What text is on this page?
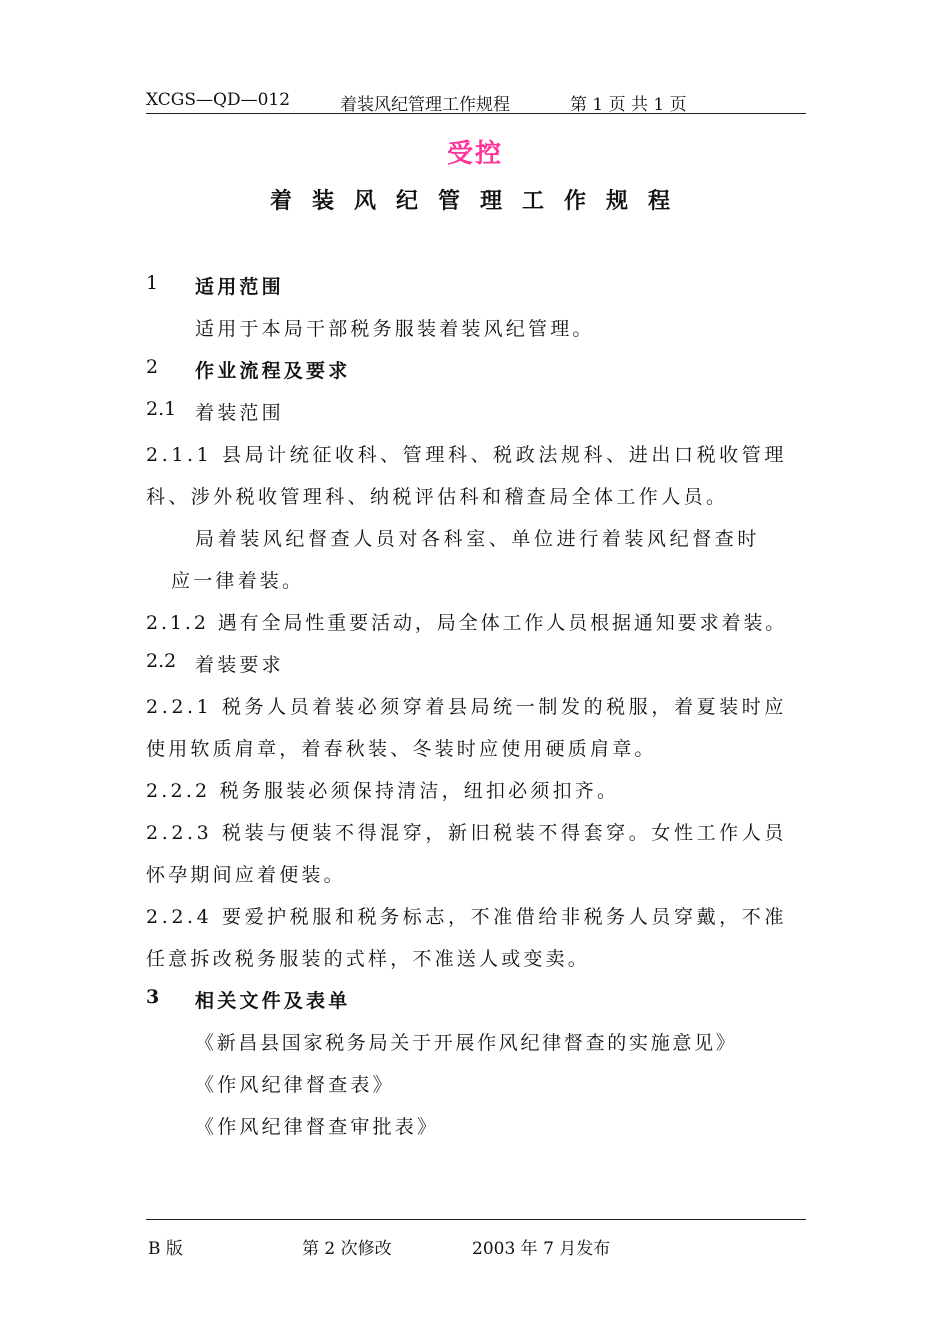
XCGS—QD—012	着装风纪管理工作规程	第 1 页 共 1 页
受控
着装风纪管理工作规程
1 适用范围
适用于本局干部税务服装着装风纪管理。
2 作业流程及要求
2.1 着装范围
2.1.1 县局计统征收科、管理科、税政法规科、进出口税收管理
科、涉外税收管理科、纳税评估科和稽查局全体工作人员。
局着装风纪督查人员对各科室、单位进行着装风纪督查时
应一律着装。
2.1.2 遇有全局性重要活动，局全体工作人员根据通知要求着装。
2.2 着装要求
2.2.1 税务人员着装必须穿着县局统一制发的税服，着夏装时应
使用软质肩章，着春秋装、冬装时应使用硬质肩章。
2.2.2 税务服装必须保持清洁，纽扣必须扣齐。
2.2.3 税装与便装不得混穿，新旧税装不得套穿。女性工作人员
怀孕期间应着便装。
2.2.4 要爱护税服和税务标志，不准借给非税务人员穿戴，不准
任意拆改税务服装的式样，不准送人或变卖。
3 相关文件及表单
《新昌县国家税务局关于开展作风纪律督查的实施意见》
《作风纪律督查表》
《作风纪律督查审批表》
B 版	第 2 次修改	2003 年 7 月发布
